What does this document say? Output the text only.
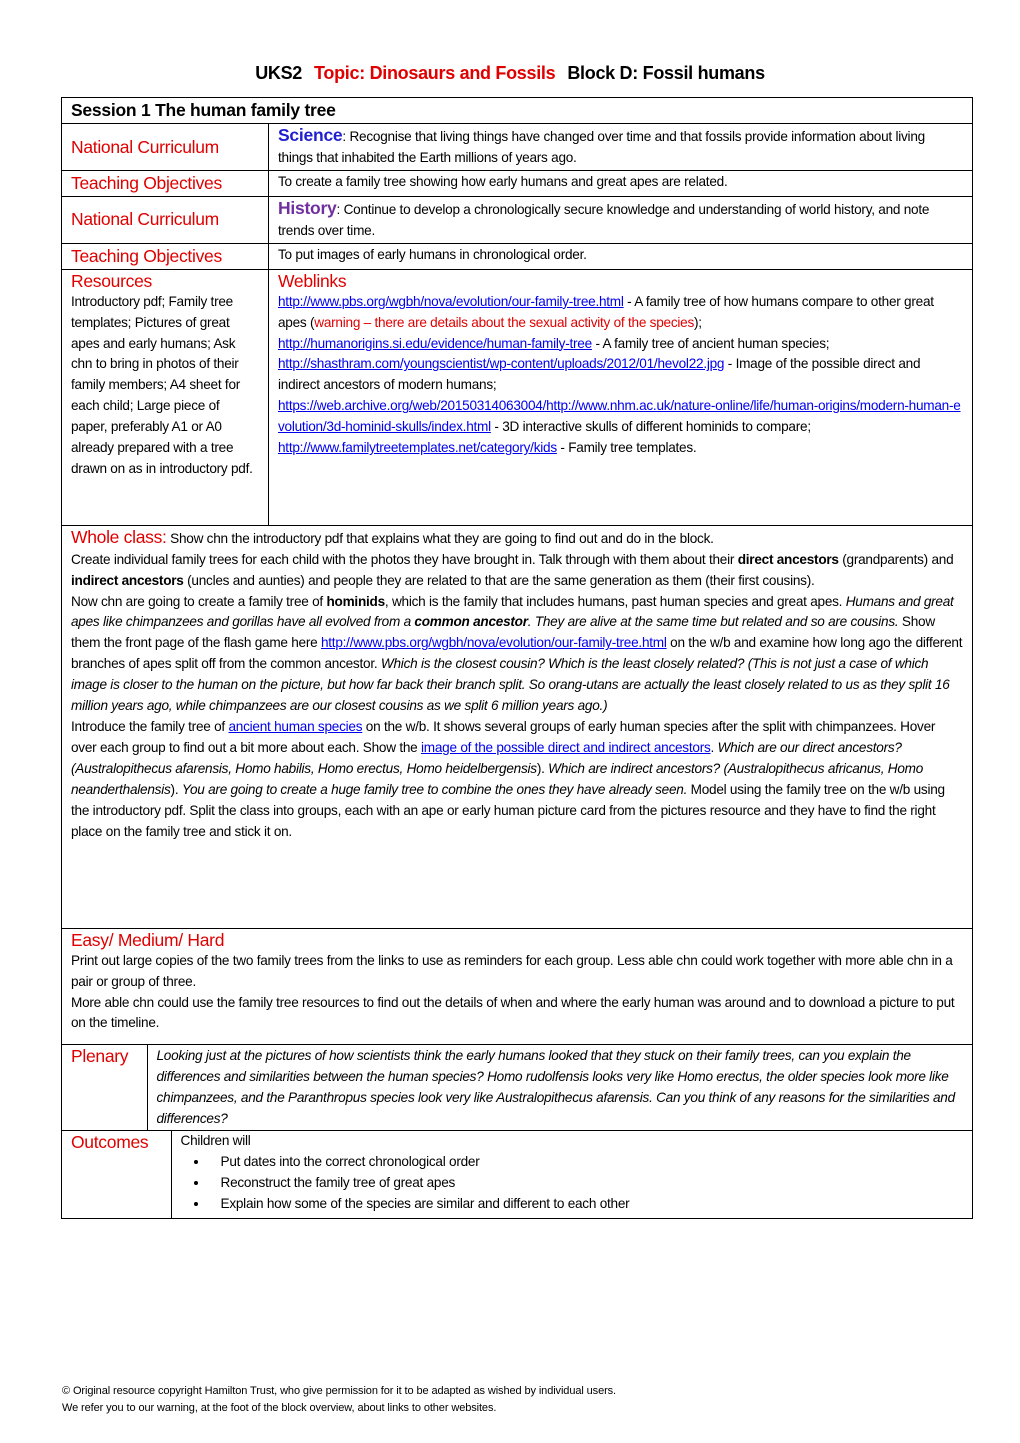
UKS2 Topic: Dinosaurs and Fossils Block D: Fossil humans
Session 1 The human family tree
National Curriculum	Science: Recognise that living things have changed over time and that fossils provide information about living things that inhabited the Earth millions of years ago.
Teaching Objectives	To create a family tree showing how early humans and great apes are related.
National Curriculum	History: Continue to develop a chronologically secure knowledge and understanding of world history, and note trends over time.
Teaching Objectives	To put images of early humans in chronological order.

Resources
Introductory pdf; Family tree templates; Pictures of great apes and early humans; Ask chn to bring in photos of their family members; A4 sheet for each child; Large piece of paper, preferably A1 or A0 already prepared with a tree drawn on as in introductory pdf.

Weblinks
http://www.pbs.org/wgbh/nova/evolution/our-family-tree.html - A family tree of how humans compare to other great apes (warning – there are details about the sexual activity of the species);
http://humanorigins.si.edu/evidence/human-family-tree - A family tree of ancient human species;
http://shasthram.com/youngscientist/wp-content/uploads/2012/01/hevol22.jpg - Image of the possible direct and indirect ancestors of modern humans;
https://web.archive.org/web/20150314063004/http://www.nhm.ac.uk/nature-online/life/human-origins/modern-human-evolution/3d-hominid-skulls/index.html - 3D interactive skulls of different hominids to compare;
http://www.familytreetemplates.net/category/kids - Family tree templates.

Whole class: Show chn the introductory pdf that explains what they are going to find out and do in the block.
Create individual family trees for each child with the photos they have brought in. Talk through with them about their direct ancestors (grandparents) and indirect ancestors (uncles and aunties) and people they are related to that are the same generation as them (their first cousins).
Now chn are going to create a family tree of hominids, which is the family that includes humans, past human species and great apes. Humans and great apes like chimpanzees and gorillas have all evolved from a common ancestor. They are alive at the same time but related and so are cousins. Show them the front page of the flash game here http://www.pbs.org/wgbh/nova/evolution/our-family-tree.html on the w/b and examine how long ago the different branches of apes split off from the common ancestor. Which is the closest cousin? Which is the least closely related? (This is not just a case of which image is closer to the human on the picture, but how far back their branch split. So orang-utans are actually the least closely related to us as they split 16 million years ago, while chimpanzees are our closest cousins as we split 6 million years ago.)
Introduce the family tree of ancient human species on the w/b. It shows several groups of early human species after the split with chimpanzees. Hover over each group to find out a bit more about each. Show the image of the possible direct and indirect ancestors. Which are our direct ancestors? (Australopithecus afarensis, Homo habilis, Homo erectus, Homo heidelbergensis). Which are indirect ancestors? (Australopithecus africanus, Homo neanderthalensis). You are going to create a huge family tree to combine the ones they have already seen. Model using the family tree on the w/b using the introductory pdf. Split the class into groups, each with an ape or early human picture card from the pictures resource and they have to find the right place on the family tree and stick it on.

Easy/ Medium/ Hard
Print out large copies of the two family trees from the links to use as reminders for each group. Less able chn could work together with more able chn in a pair or group of three.
More able chn could use the family tree resources to find out the details of when and where the early human was around and to download a picture to put on the timeline.

Plenary	Looking just at the pictures of how scientists think the early humans looked that they stuck on their family trees, can you explain the differences and similarities between the human species? Homo rudolfensis looks very like Homo erectus, the older species look more like chimpanzees, and the Paranthropus species look very like Australopithecus afarensis. Can you think of any reasons for the similarities and differences?

Outcomes	Children will
• Put dates into the correct chronological order
• Reconstruct the family tree of great apes
• Explain how some of the species are similar and different to each other
© Original resource copyright Hamilton Trust, who give permission for it to be adapted as wished by individual users.
We refer you to our warning, at the foot of the block overview, about links to other websites.
